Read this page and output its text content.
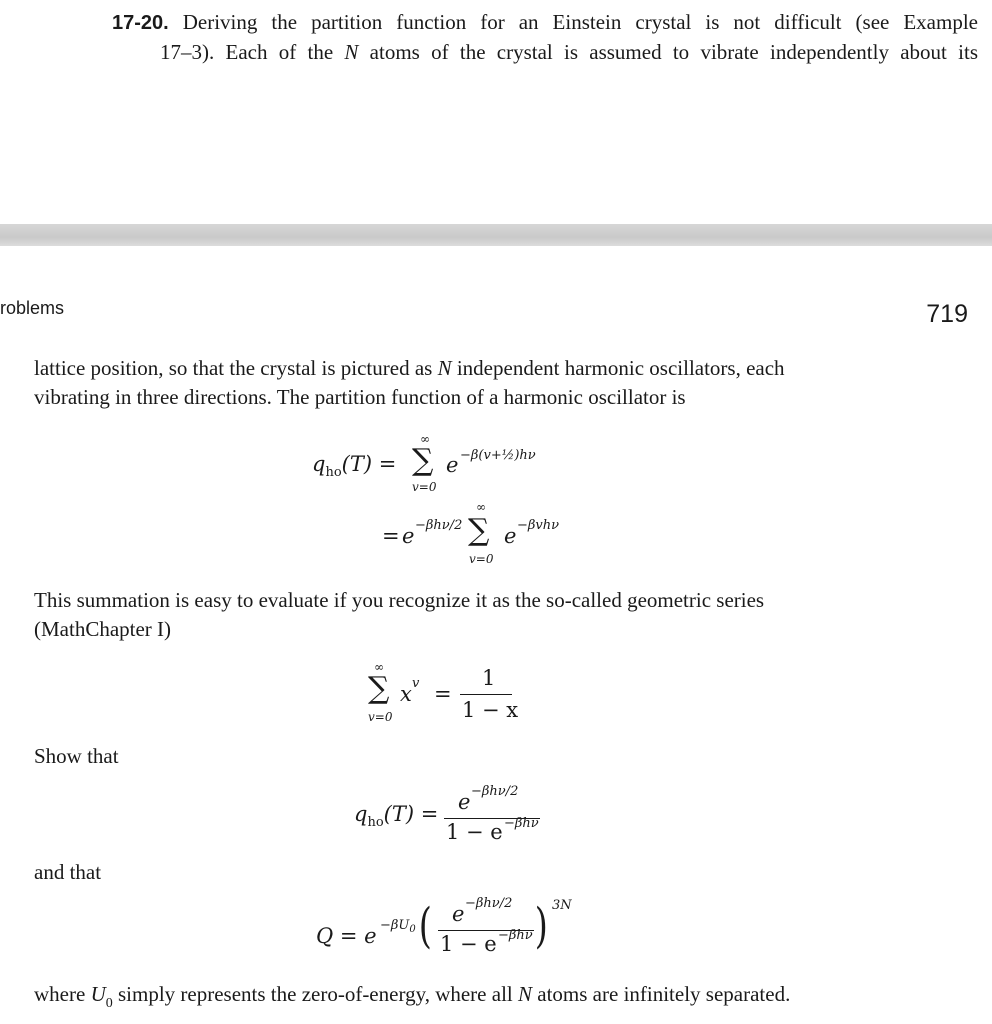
17-20. Deriving the partition function for an Einstein crystal is not difficult (see Example
17–3). Each of the N atoms of the crystal is assumed to vibrate independently about its
roblems	719
lattice position, so that the crystal is pictured as N independent harmonic oscillators, each
vibrating in three directions. The partition function of a harmonic oscillator is
$q_{ho}(T)$ =
∞
∑
v=0
e −β(v+½)hν
= e −βhν/2
∞
∑
v=0
e −βvhν
This summation is easy to evaluate if you recognize it as the so-called geometric series
(MathChapter I)
∞
∑
v=0
x v =
1
1 − x
Show that
$q_{ho}(T) = e -\beta h\nu/2$
1 − e −βhν
and that
$Q = e -\beta U_0$ ( e −βhν/2
1 − e −βhν ) 3N
where $U_0$ simply represents the zero-of-energy, where all N atoms are infinitely separated.
